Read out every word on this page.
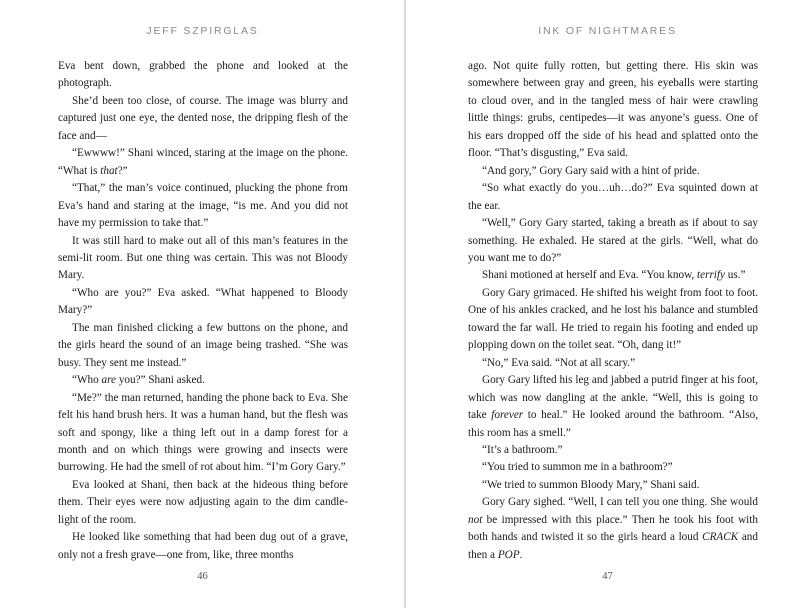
JEFF SZPIRGLAS

Eva bent down, grabbed the phone and looked at the photograph.

She’d been too close, of course. The image was blurry and captured just one eye, the dented nose, the dripping flesh of the face and—

“Ewwww!” Shani winced, staring at the image on the phone. “What is that?”

“That,” the man’s voice continued, plucking the phone from Eva’s hand and staring at the image, “is me. And you did not have my permission to take that.”

It was still hard to make out all of this man’s features in the semi-lit room. But one thing was certain. This was not Bloody Mary.

“Who are you?” Eva asked. “What happened to Bloody Mary?”

The man finished clicking a few buttons on the phone, and the girls heard the sound of an image being trashed. “She was busy. They sent me instead.”

“Who are you?” Shani asked.

“Me?” the man returned, handing the phone back to Eva. She felt his hand brush hers. It was a human hand, but the flesh was soft and spongy, like a thing left out in a damp forest for a month and on which things were growing and insects were burrowing. He had the smell of rot about him. “I’m Gory Gary.”

Eva looked at Shani, then back at the hideous thing before them. Their eyes were now adjusting again to the dim candlelight of the room.

He looked like something that had been dug out of a grave, only not a fresh grave—one from, like, three months

46
INK OF NIGHTMARES

ago. Not quite fully rotten, but getting there. His skin was somewhere between gray and green, his eyeballs were starting to cloud over, and in the tangled mess of hair were crawling little things: grubs, centipedes—it was anyone’s guess. One of his ears dropped off the side of his head and splatted onto the floor. “That’s disgusting,” Eva said.

“And gory,” Gory Gary said with a hint of pride.

“So what exactly do you…uh…do?” Eva squinted down at the ear.

“Well,” Gory Gary started, taking a breath as if about to say something. He exhaled. He stared at the girls. “Well, what do you want me to do?”

Shani motioned at herself and Eva. “You know, terrify us.”

Gory Gary grimaced. He shifted his weight from foot to foot. One of his ankles cracked, and he lost his balance and stumbled toward the far wall. He tried to regain his footing and ended up plopping down on the toilet seat. “Oh, dang it!”

“No,” Eva said. “Not at all scary.”

Gory Gary lifted his leg and jabbed a putrid finger at his foot, which was now dangling at the ankle. “Well, this is going to take forever to heal.” He looked around the bathroom. “Also, this room has a smell.”

“It’s a bathroom.”

“You tried to summon me in a bathroom?”

“We tried to summon Bloody Mary,” Shani said.

Gory Gary sighed. “Well, I can tell you one thing. She would not be impressed with this place.” Then he took his foot with both hands and twisted it so the girls heard a loud CRACK and then a POP.

47
